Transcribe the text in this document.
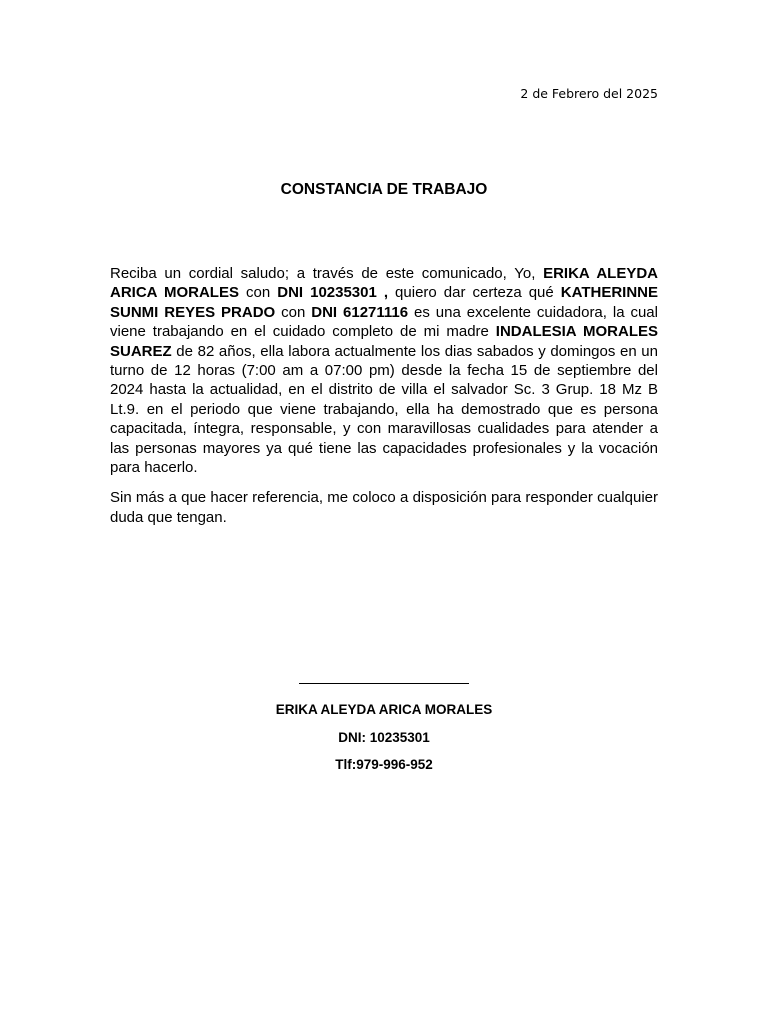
2 de Febrero del 2025
CONSTANCIA DE TRABAJO

Reciba un cordial saludo; a través de este comunicado, Yo, ERIKA ALEYDA ARICA MORALES con DNI 10235301 , quiero dar certeza qué KATHERINNE SUNMI REYES PRADO con DNI 61271116 es una excelente cuidadora, la cual viene trabajando en el cuidado completo de mi madre INDALESIA MORALES SUAREZ de 82 años, ella labora actualmente los dias sabados y domingos en un turno de 12 horas (7:00 am a 07:00 pm) desde la fecha 15 de septiembre del 2024 hasta la actualidad, en el distrito de villa el salvador Sc. 3 Grup. 18 Mz B Lt.9. en el periodo que viene trabajando, ella ha demostrado que es persona capacitada, íntegra, responsable, y con maravillosas cualidades para atender a las personas mayores ya qué tiene las capacidades profesionales y la vocación para hacerlo.

Sin más a que hacer referencia, me coloco a disposición para responder cualquier duda que tengan.

ERIKA ALEYDA ARICA MORALES
DNI: 10235301
Tlf:979-996-952
